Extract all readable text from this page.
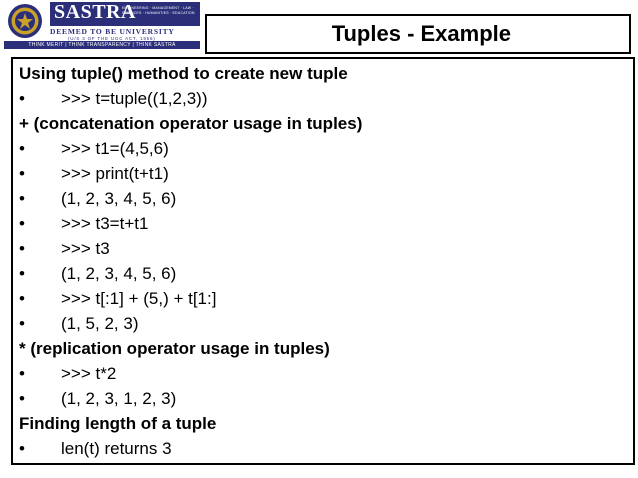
SASTRA
ENGINEERING · MANAGEMENT · LAW · SCIENCES · HUMANITIES · EDUCATION
DEEMED TO BE UNIVERSITY
(U/S 3 OF THE UGC ACT, 1956)
THINK MERIT | THINK TRANSPARENCY | THINK SASTRA	Tuples - Example
Using tuple() method to create new tuple
• >>> t=tuple((1,2,3))
+ (concatenation operator usage in tuples)
• >>> t1=(4,5,6)
• >>> print(t+t1)
• (1, 2, 3, 4, 5, 6)
• >>> t3=t+t1
• >>> t3
• (1, 2, 3, 4, 5, 6)
• >>> t[:1] + (5,) + t[1:]
• (1, 5, 2, 3)
* (replication operator usage in tuples)
• >>> t*2
• (1, 2, 3, 1, 2, 3)
Finding length of a tuple
• len(t) returns 3
